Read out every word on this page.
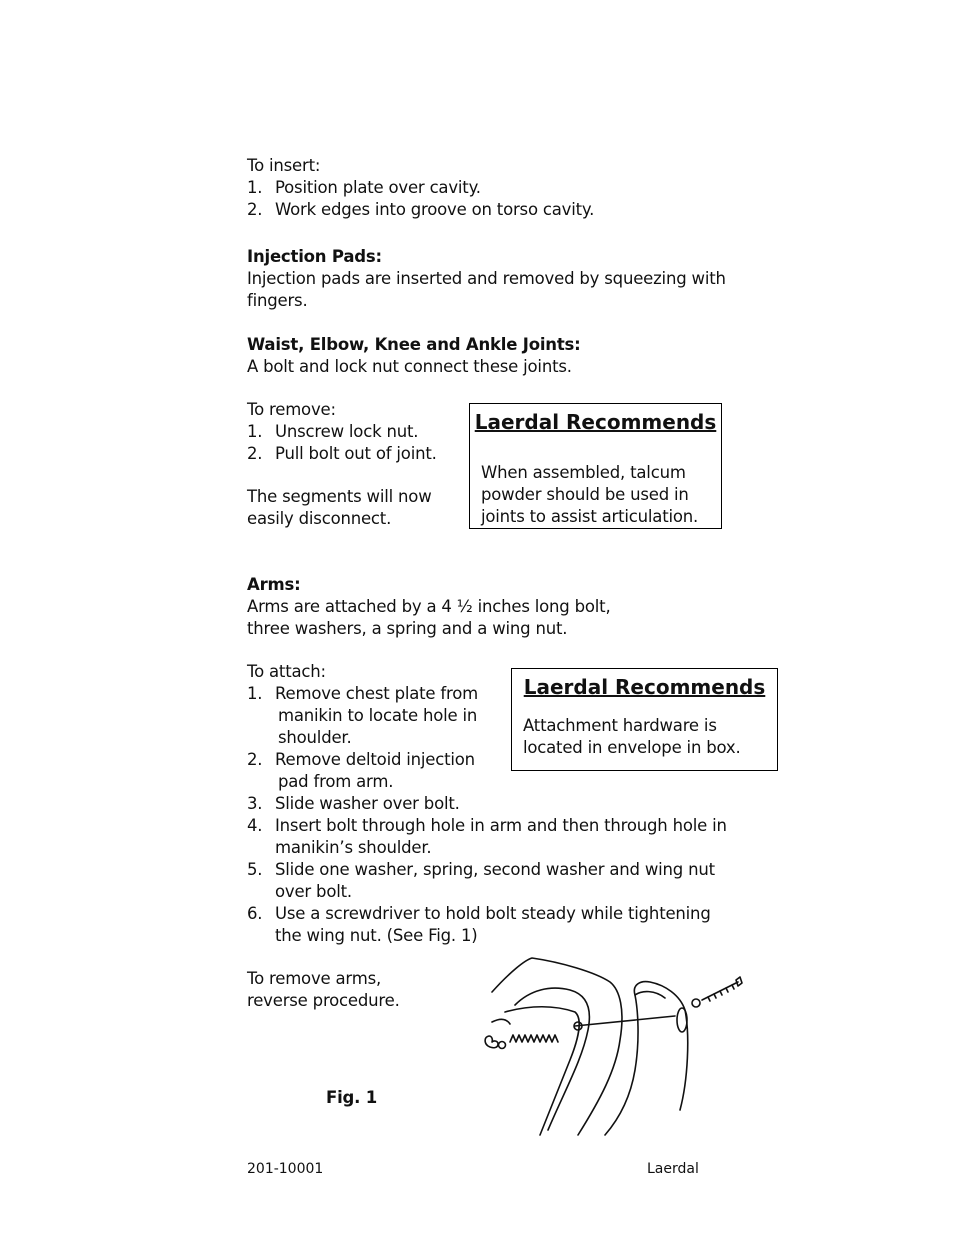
To insert:
1. Position plate over cavity.
2. Work edges into groove on torso cavity.
Injection Pads:
Injection pads are inserted and removed by squeezing with
fingers.
Waist, Elbow, Knee and Ankle Joints:
A bolt and lock nut connect these joints.
To remove:
1. Unscrew lock nut.
2. Pull bolt out of joint.
The segments will now
easily disconnect.
Laerdal Recommends
When assembled, talcum
powder should be used in
joints to assist articulation.
Arms:
Arms are attached by a 4 ½ inches long bolt,
three washers, a spring and a wing nut.
To attach:
1. Remove chest plate from
manikin to locate hole in
shoulder.
2. Remove deltoid injection
pad from arm.
3. Slide washer over bolt.
4. Insert bolt through hole in arm and then through hole in
manikin’s shoulder.
5. Slide one washer, spring, second washer and wing nut
over bolt.
6. Use a screwdriver to hold bolt steady while tightening
the wing nut. (See Fig. 1)
To remove arms,
reverse procedure.
Laerdal Recommends
Attachment hardware is
located in envelope in box.
Fig. 1
201-10001	Laerdal
